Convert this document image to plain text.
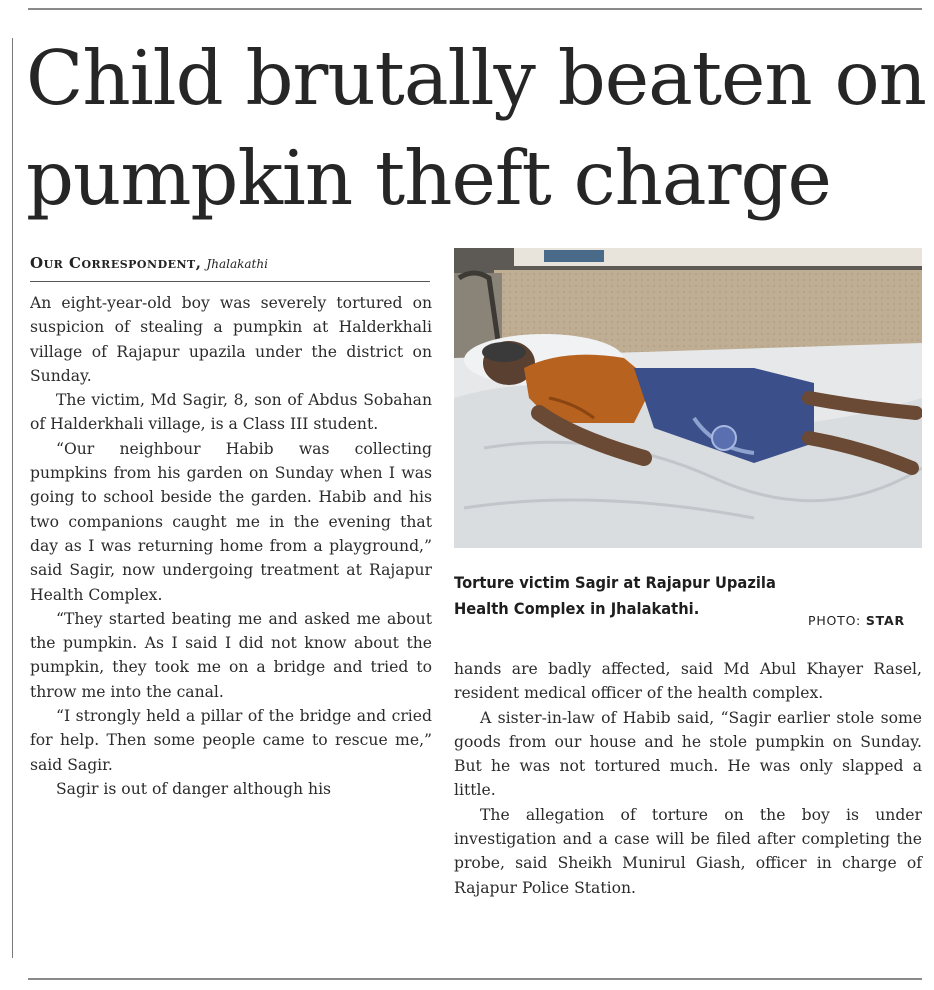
Child brutally beaten on
pumpkin theft charge
Our Correspondent, Jhalakathi

An eight-year-old boy was severely tortured on suspicion of stealing a pumpkin at Halderkhali village of Rajapur upazila under the district on Sunday.

The victim, Md Sagir, 8, son of Abdus Sobahan of Halderkhali village, is a Class III student.

“Our neighbour Habib was collecting pumpkins from his garden on Sunday when I was going to school beside the garden. Habib and his two companions caught me in the evening that day as I was returning home from a playground,” said Sagir, now undergoing treatment at Rajapur Health Complex.

“They started beating me and asked me about the pumpkin. As I said I did not know about the pumpkin, they took me on a bridge and tried to throw me into the canal.

“I strongly held a pillar of the bridge and cried for help. Then some people came to rescue me,” said Sagir.

Sagir is out of danger although his

Torture victim Sagir at Rajapur Upazila
Health Complex in Jhalakathi.
PHOTO: STAR

hands are badly affected, said Md Abul Khayer Rasel, resident medical officer of the health complex.

A sister-in-law of Habib said, “Sagir earlier stole some goods from our house and he stole pumpkin on Sunday. But he was not tortured much. He was only slapped a little.

The allegation of torture on the boy is under investigation and a case will be filed after completing the probe, said Sheikh Munirul Giash, officer in charge of Rajapur Police Station.
